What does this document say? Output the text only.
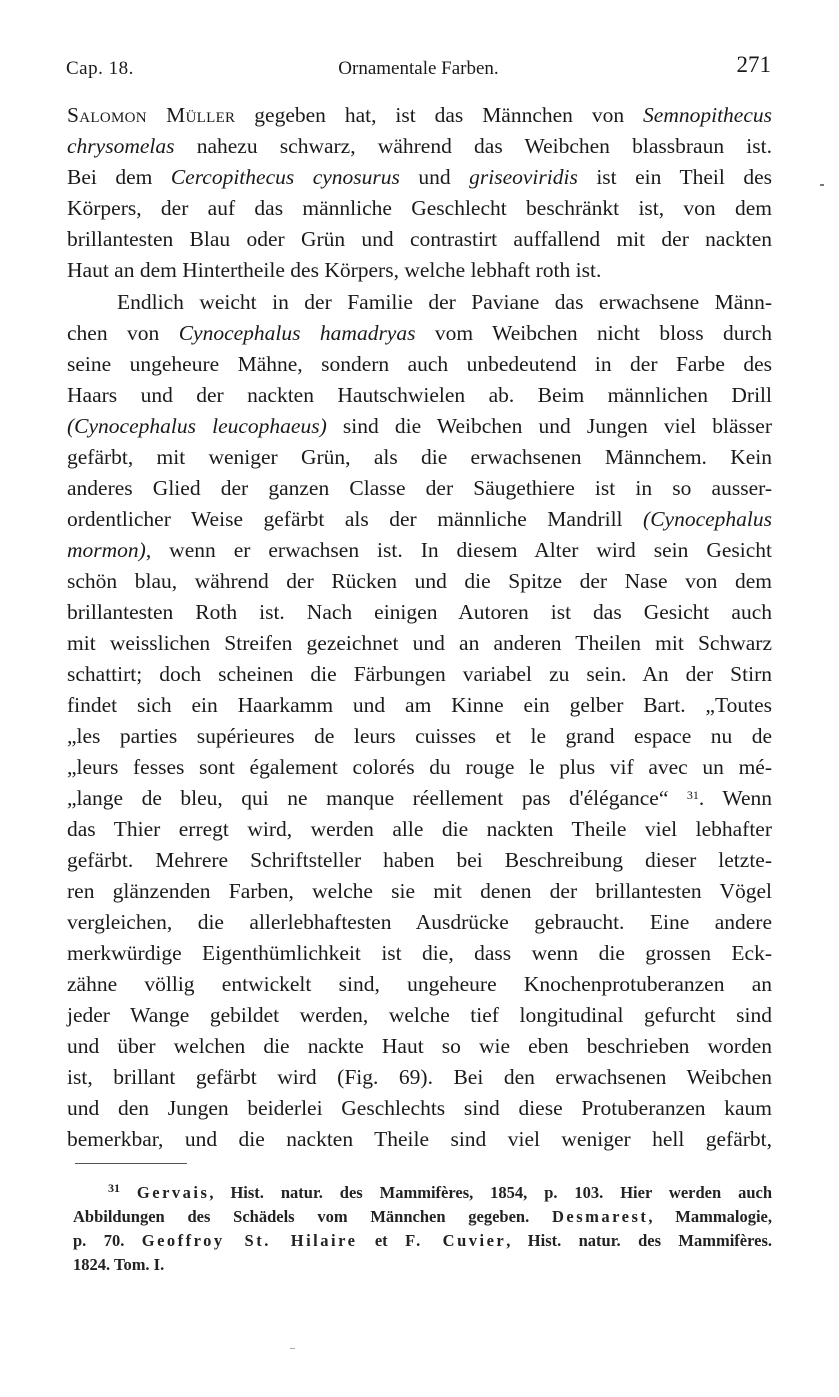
Cap. 18.	Ornamentale Farben.	271
Salomon Müller gegeben hat, ist das Männchen von Semnopithecus
chrysomelas nahezu schwarz, während das Weibchen blassbraun ist.
Bei dem Cercopithecus cynosurus und griseoviridis ist ein Theil des
Körpers, der auf das männliche Geschlecht beschränkt ist, von dem
brillantesten Blau oder Grün und contrastirt auffallend mit der nackten
Haut an dem Hintertheile des Körpers, welche lebhaft roth ist.
Endlich weicht in der Familie der Paviane das erwachsene Männ-
chen von Cynocephalus hamadryas vom Weibchen nicht bloss durch
seine ungeheure Mähne, sondern auch unbedeutend in der Farbe des
Haars und der nackten Hautschwielen ab. Beim männlichen Drill
(Cynocephalus leucophaeus) sind die Weibchen und Jungen viel blässer
gefärbt, mit weniger Grün, als die erwachsenen Männchem. Kein
anderes Glied der ganzen Classe der Säugethiere ist in so ausser-
ordentlicher Weise gefärbt als der männliche Mandrill (Cynocephalus
mormon), wenn er erwachsen ist. In diesem Alter wird sein Gesicht
schön blau, während der Rücken und die Spitze der Nase von dem
brillantesten Roth ist. Nach einigen Autoren ist das Gesicht auch
mit weisslichen Streifen gezeichnet und an anderen Theilen mit Schwarz
schattirt; doch scheinen die Färbungen variabel zu sein. An der Stirn
findet sich ein Haarkamm und am Kinne ein gelber Bart. „Toutes
„les parties supérieures de leurs cuisses et le grand espace nu de
„leurs fesses sont également colorés du rouge le plus vif avec un mé-
„lange de bleu, qui ne manque réellement pas d'élégance“ $^{31}$. Wenn
das Thier erregt wird, werden alle die nackten Theile viel lebhafter
gefärbt. Mehrere Schriftsteller haben bei Beschreibung dieser letzte-
ren glänzenden Farben, welche sie mit denen der brillantesten Vögel
vergleichen, die allerlebhaftesten Ausdrücke gebraucht. Eine andere
merkwürdige Eigenthümlichkeit ist die, dass wenn die grossen Eck-
zähne völlig entwickelt sind, ungeheure Knochenprotuberanzen an
jeder Wange gebildet werden, welche tief longitudinal gefurcht sind
und über welchen die nackte Haut so wie eben beschrieben worden
ist, brillant gefärbt wird (Fig. 69). Bei den erwachsenen Weibchen
und den Jungen beiderlei Geschlechts sind diese Protuberanzen kaum
bemerkbar, und die nackten Theile sind viel weniger hell gefärbt,
$^{31}$ Gervais, Hist. natur. des Mammifères, 1854, p. 103. Hier werden auch
Abbildungen des Schädels vom Männchen gegeben. Desmarest, Mammalogie,
p. 70. Geoffroy St. Hilaire et F. Cuvier, Hist. natur. des Mammifères.
1824. Tom. I.
